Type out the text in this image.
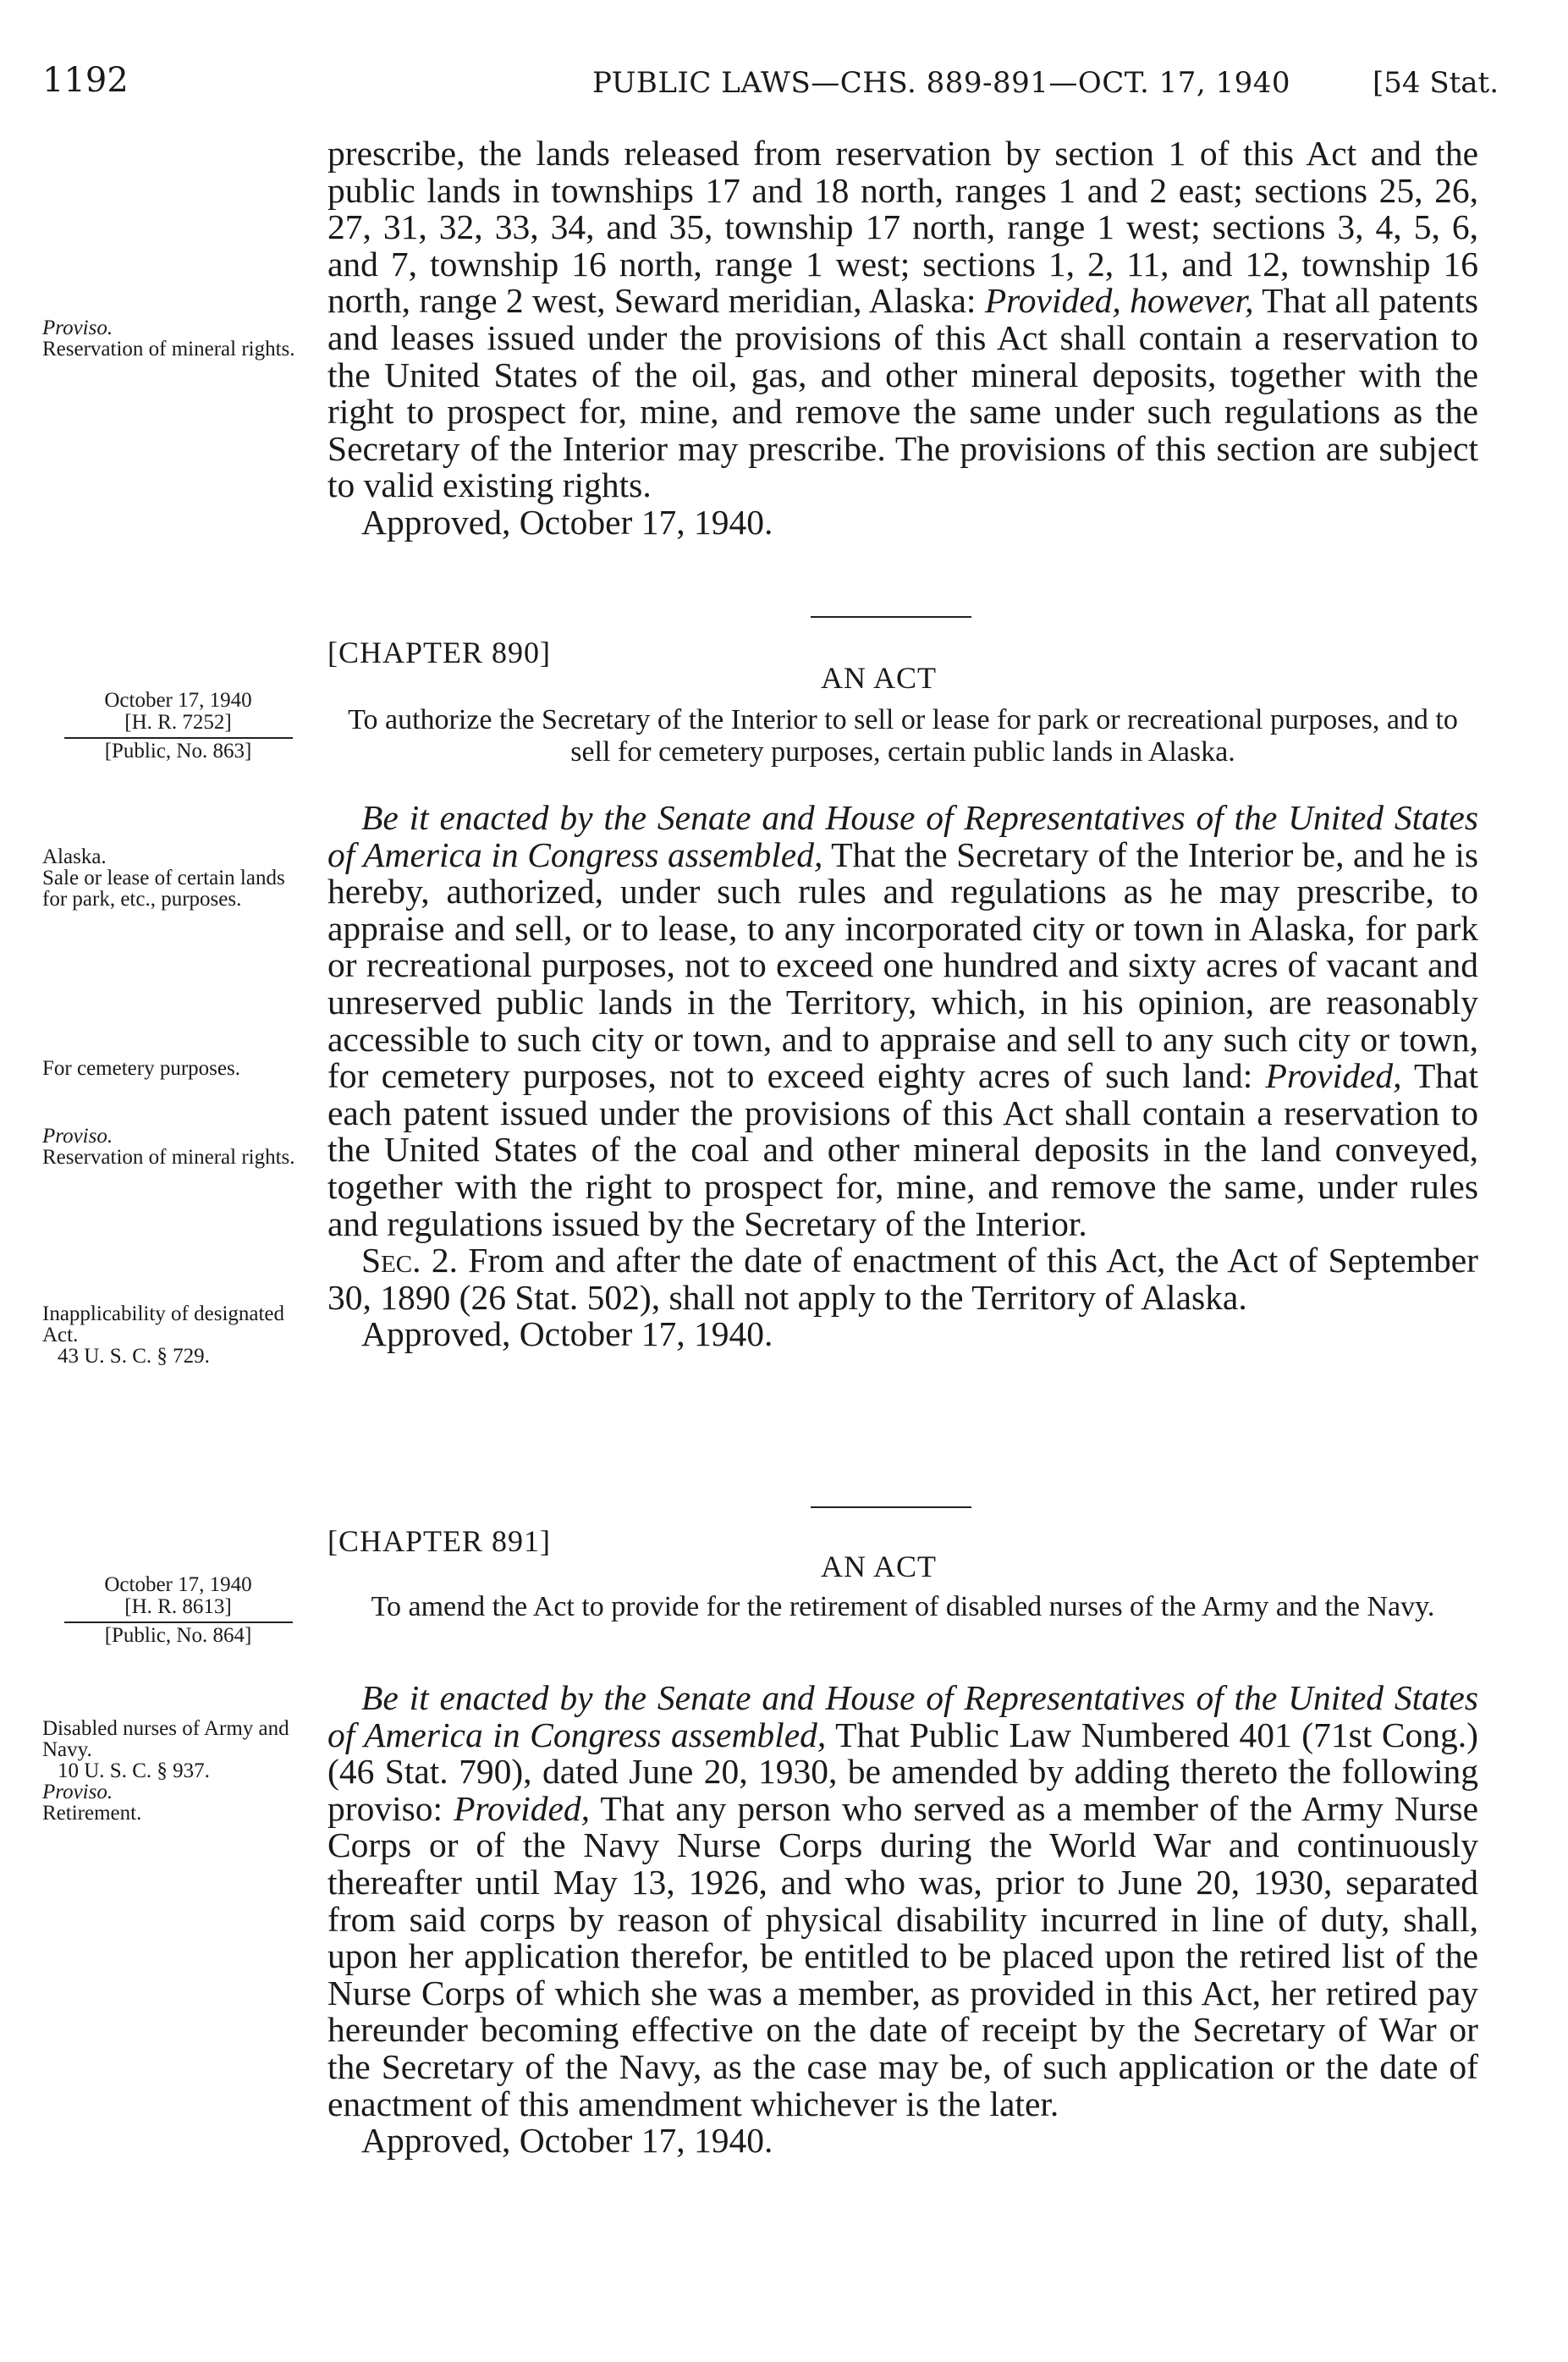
1192	PUBLIC LAWS—CHS. 889-891—OCT. 17, 1940	[54 Stat.
Proviso.
Reservation of mineral rights.

prescribe, the lands released from reservation by section 1 of this Act and the public lands in townships 17 and 18 north, ranges 1 and 2 east; sections 25, 26, 27, 31, 32, 33, 34, and 35, township 17 north, range 1 west; sections 3, 4, 5, 6, and 7, township 16 north, range 1 west; sections 1, 2, 11, and 12, township 16 north, range 2 west, Seward meridian, Alaska: Provided, however, That all patents and leases issued under the provisions of this Act shall contain a reservation to the United States of the oil, gas, and other mineral deposits, together with the right to prospect for, mine, and remove the same under such regulations as the Secretary of the Interior may prescribe. The provisions of this section are subject to valid existing rights.

Approved, October 17, 1940.

[CHAPTER 890]
AN ACT
October 17, 1940
[H. R. 7252]
[Public, No. 863]
To authorize the Secretary of the Interior to sell or lease for park or recreational purposes, and to sell for cemetery purposes, certain public lands in Alaska.
Alaska.
Sale or lease of certain lands for park, etc., purposes.
For cemetery purposes.
Proviso.
Reservation of mineral rights.
Inapplicability of designated Act.
43 U. S. C. § 729.

Be it enacted by the Senate and House of Representatives of the United States of America in Congress assembled, That the Secretary of the Interior be, and he is hereby, authorized, under such rules and regulations as he may prescribe, to appraise and sell, or to lease, to any incorporated city or town in Alaska, for park or recreational purposes, not to exceed one hundred and sixty acres of vacant and unreserved public lands in the Territory, which, in his opinion, are reasonably accessible to such city or town, and to appraise and sell to any such city or town, for cemetery purposes, not to exceed eighty acres of such land: Provided, That each patent issued under the provisions of this Act shall contain a reservation to the United States of the coal and other mineral deposits in the land conveyed, together with the right to prospect for, mine, and remove the same, under rules and regulations issued by the Secretary of the Interior.

Sec. 2. From and after the date of enactment of this Act, the Act of September 30, 1890 (26 Stat. 502), shall not apply to the Territory of Alaska.

Approved, October 17, 1940.

[CHAPTER 891]
AN ACT
October 17, 1940
[H. R. 8613]
[Public, No. 864]
To amend the Act to provide for the retirement of disabled nurses of the Army and the Navy.
Disabled nurses of Army and Navy.
10 U. S. C. § 937.
Proviso.
Retirement.

Be it enacted by the Senate and House of Representatives of the United States of America in Congress assembled, That Public Law Numbered 401 (71st Cong.) (46 Stat. 790), dated June 20, 1930, be amended by adding thereto the following proviso: Provided, That any person who served as a member of the Army Nurse Corps or of the Navy Nurse Corps during the World War and continuously thereafter until May 13, 1926, and who was, prior to June 20, 1930, separated from said corps by reason of physical disability incurred in line of duty, shall, upon her application therefor, be entitled to be placed upon the retired list of the Nurse Corps of which she was a member, as provided in this Act, her retired pay hereunder becoming effective on the date of receipt by the Secretary of War or the Secretary of the Navy, as the case may be, of such application or the date of enactment of this amendment whichever is the later.

Approved, October 17, 1940.
